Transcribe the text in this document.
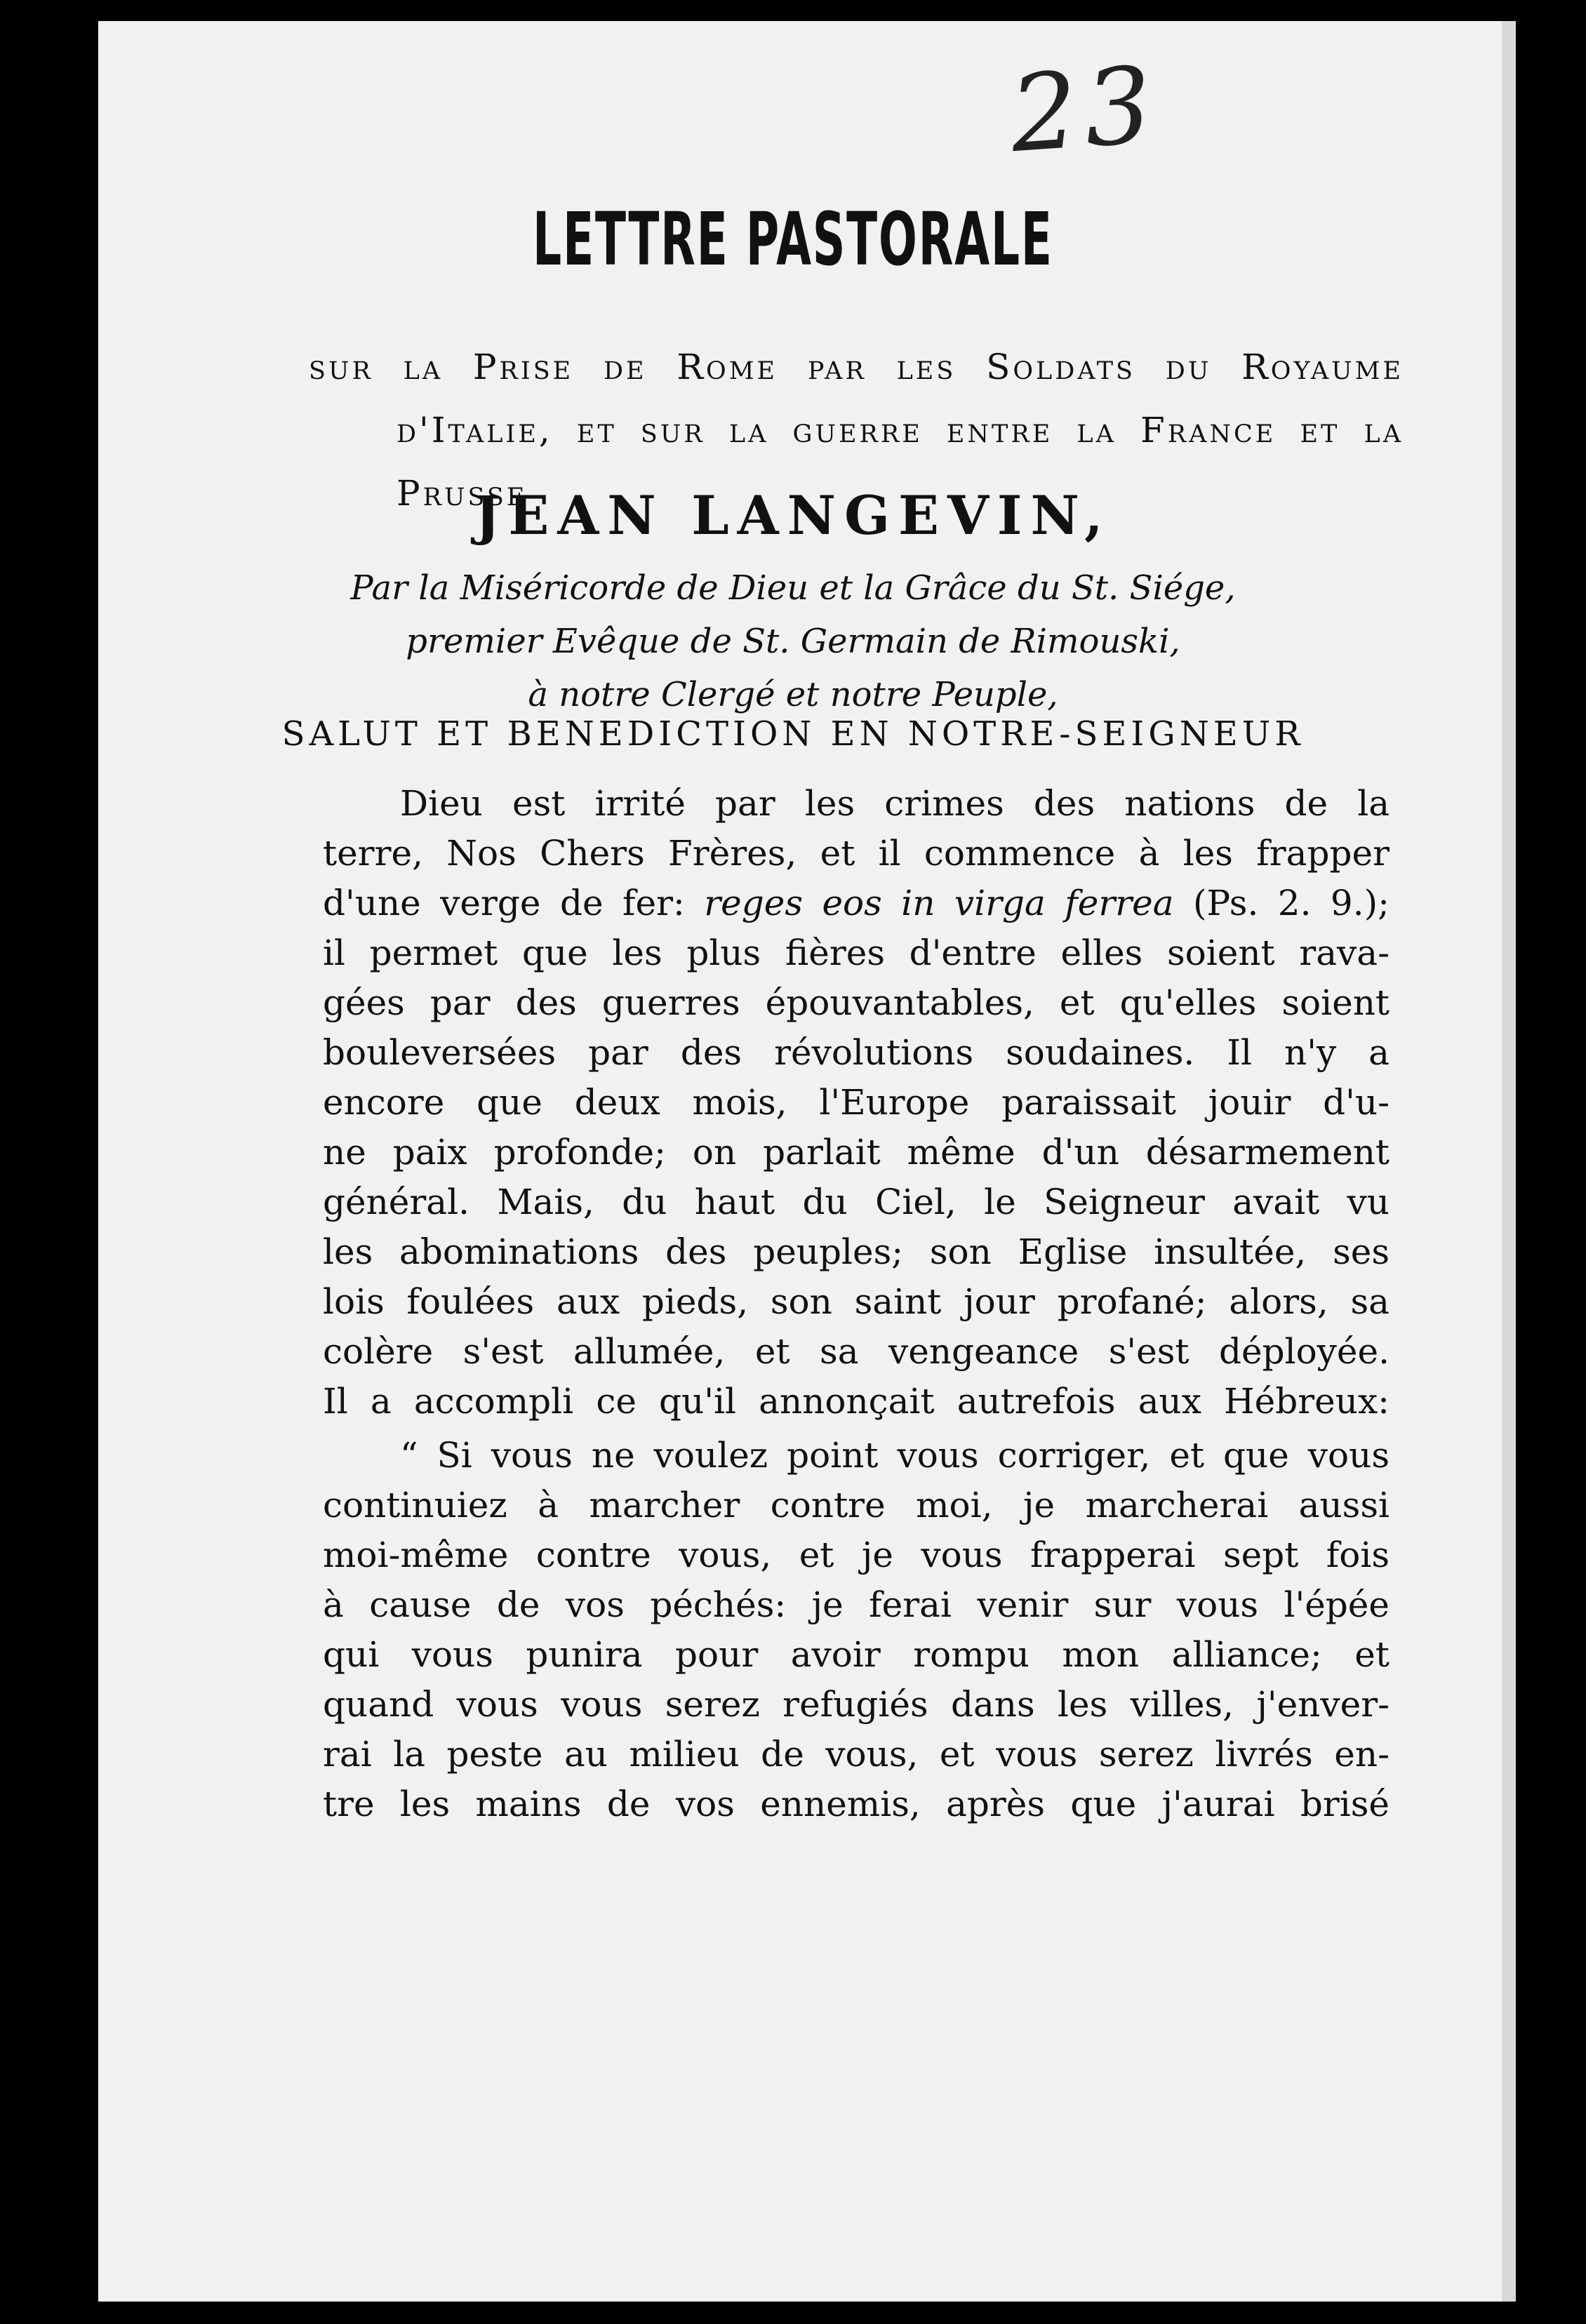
23
LETTRE PASTORALE
sur la Prise de Rome par les Soldats du Royaume d'Italie, et sur la guerre entre la France et la Prusse
JEAN LANGEVIN,
Par la Miséricorde de Dieu et la Grâce du St. Siége,
premier Evêque de St. Germain de Rimouski,
à notre Clergé et notre Peuple,
SALUT ET BENEDICTION EN NOTRE-SEIGNEUR
Dieu est irrité par les crimes des nations de la
terre, Nos Chers Frères, et il commence à les frapper
d'une verge de fer: reges eos in virga ferrea (Ps. 2. 9.);
il permet que les plus fières d'entre elles soient rava-
gées par des guerres épouvantables, et qu'elles soient
bouleversées par des révolutions soudaines. Il n'y a
encore que deux mois, l'Europe paraissait jouir d'u-
ne paix profonde; on parlait même d'un désarmement
général. Mais, du haut du Ciel, le Seigneur avait vu
les abominations des peuples; son Eglise insultée, ses
lois foulées aux pieds, son saint jour profané; alors, sa
colère s'est allumée, et sa vengeance s'est déployée.
Il a accompli ce qu'il annonçait autrefois aux Hébreux:
“ Si vous ne voulez point vous corriger, et que vous
continuiez à marcher contre moi, je marcherai aussi
moi-même contre vous, et je vous frapperai sept fois
à cause de vos péchés: je ferai venir sur vous l'épée
qui vous punira pour avoir rompu mon alliance; et
quand vous vous serez refugiés dans les villes, j'enver-
rai la peste au milieu de vous, et vous serez livrés en-
tre les mains de vos ennemis, après que j'aurai brisé
